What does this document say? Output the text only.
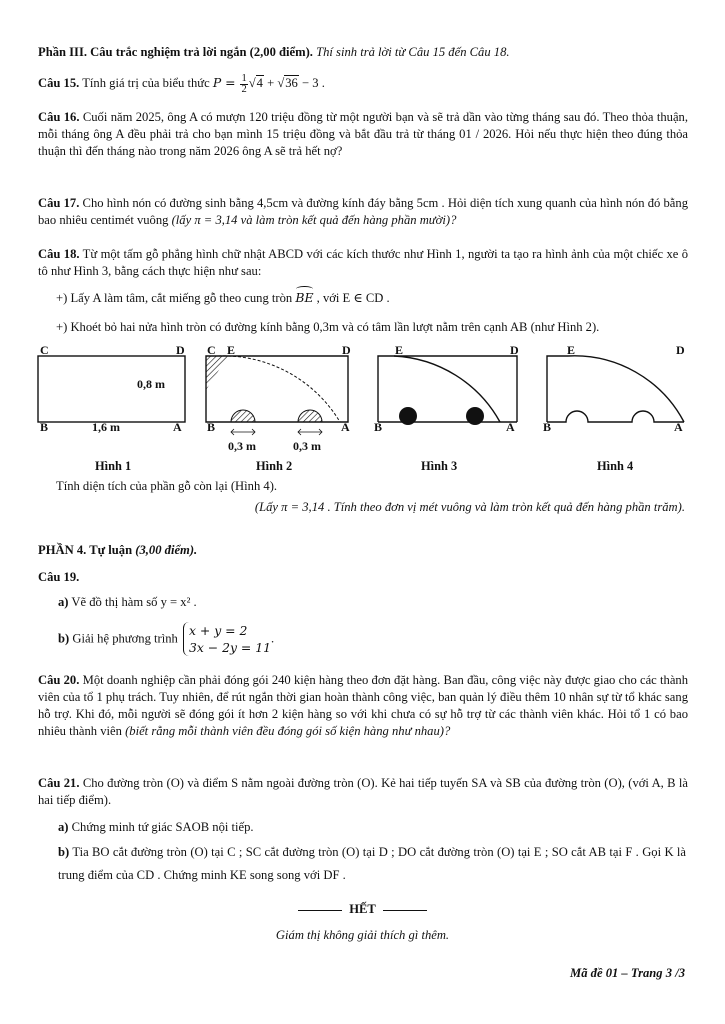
Phần III. Câu trắc nghiệm trả lời ngắn (2,00 điểm). Thí sinh trả lời từ Câu 15 đến Câu 18.
Câu 15. Tính giá trị của biểu thức $P = \frac{1}{2} √4 + √36 - 3$ .
Câu 16. Cuối năm 2025, ông A có mượn 120 triệu đồng từ một người bạn và sẽ trả dần vào từng tháng sau đó. Theo thỏa thuận, mỗi tháng ông A đều phải trả cho bạn mình 15 triệu đồng và bắt đầu trả từ tháng 01 / 2026. Hỏi nếu thực hiện theo đúng thỏa thuận thì đến tháng nào trong năm 2026 ông A sẽ trả hết nợ?
Câu 17. Cho hình nón có đường sinh bằng 4,5cm và đường kính đáy bằng 5cm . Hỏi diện tích xung quanh của hình nón đó bằng bao nhiêu centimét vuông (lấy π = 3,14 và làm tròn kết quả đến hàng phần mười)?
Câu 18. Từ một tấm gỗ phẳng hình chữ nhật ABCD với các kích thước như Hình 1, người ta tạo ra hình ảnh của một chiếc xe ô tô như Hình 3, bằng cách thực hiện như sau:
+) Lấy A làm tâm, cắt miếng gỗ theo cung tròn BE , với E ∈ CD .
+) Khoét bỏ hai nửa hình tròn có đường kính bằng 0,3m và có tâm lần lượt nằm trên cạnh AB (như Hình 2).
C	D
B	A
0,8 m
1,6 m
C E	D
B	A
0,3 m	0,3 m
E	D
B	A
E	D
B	A
Hình 1	Hình 2	Hình 3	Hình 4
Tính diện tích của phần gỗ còn lại (Hình 4).
(Lấy π = 3,14 . Tính theo đơn vị mét vuông và làm tròn kết quả đến hàng phần trăm).
PHẦN 4. Tự luận (3,00 điểm).
Câu 19.
a) Vẽ đồ thị hàm số y = x² .
b) Giải hệ phương trình
x + y = 2
3x − 2y = 11
.
Câu 20. Một doanh nghiệp cần phải đóng gói 240 kiện hàng theo đơn đặt hàng. Ban đầu, công việc này được giao cho các thành viên của tổ 1 phụ trách. Tuy nhiên, để rút ngắn thời gian hoàn thành công việc, ban quản lý điều thêm 10 nhân sự từ tổ khác sang hỗ trợ. Khi đó, mỗi người sẽ đóng gói ít hơn 2 kiện hàng so với khi chưa có sự hỗ trợ từ các thành viên khác. Hỏi tổ 1 có bao nhiêu thành viên (biết rằng mỗi thành viên đều đóng gói số kiện hàng như nhau)?
Câu 21. Cho đường tròn (O) và điểm S nằm ngoài đường tròn (O). Kẻ hai tiếp tuyến SA và SB của đường tròn (O), (với A, B là hai tiếp điểm).
a) Chứng minh tứ giác SAOB nội tiếp.
b) Tia BO cắt đường tròn (O) tại C ; SC cắt đường tròn (O) tại D ; DO cắt đường tròn (O) tại E ; SO cắt AB tại F . Gọi K là trung điểm của CD . Chứng minh KE song song với DF .
HẾT
Giám thị không giải thích gì thêm.
Mã đề 01 – Trang 3 /3
